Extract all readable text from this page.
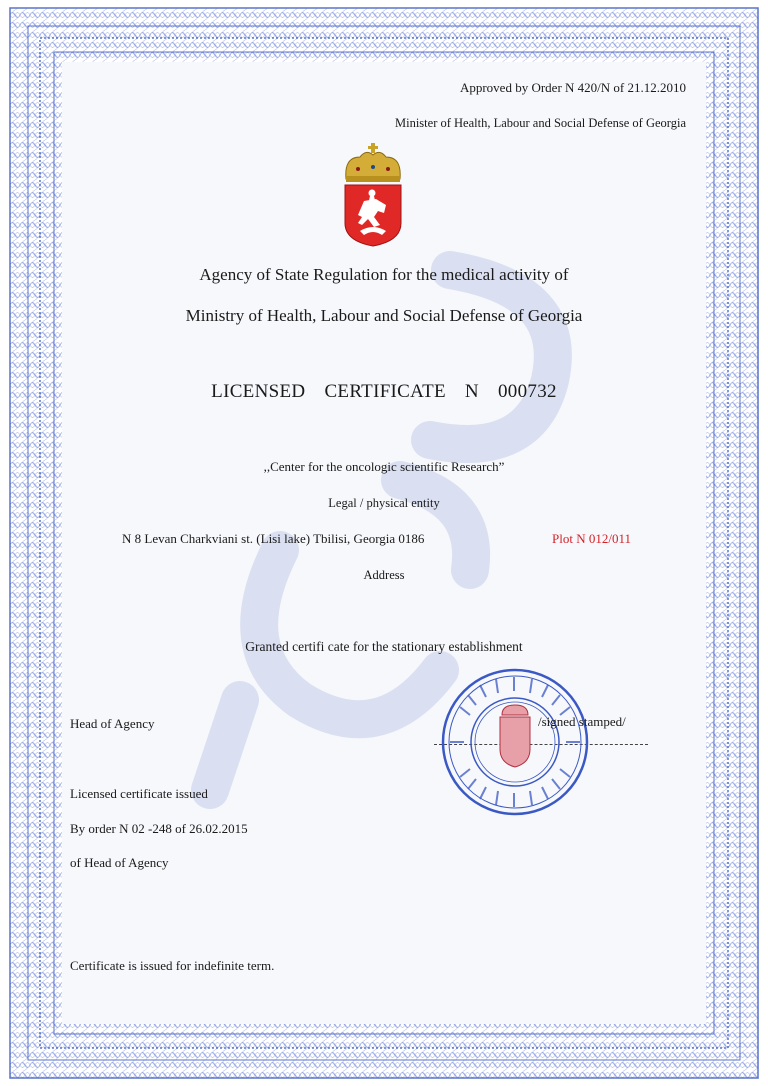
Approved by Order N 420/N of 21.12.2010
Minister of Health, Labour and Social Defense of Georgia
Agency of State Regulation for the medical activity of
Ministry of Health, Labour and Social Defense of Georgia
LICENSED CERTIFICATE N 000732
,,Center for the oncologic scientific Research”
Legal / physical entity
N 8 Levan Charkviani st. (Lisi lake) Tbilisi, Georgia 0186	Plot N 012/011
Address
Granted certifi cate for the stationary establishment
Head of Agency	/signed stamped/
Licensed certificate issued
By order N 02 -248 of 26.02.2015
of Head of Agency
Certificate is issued for indefinite term.
